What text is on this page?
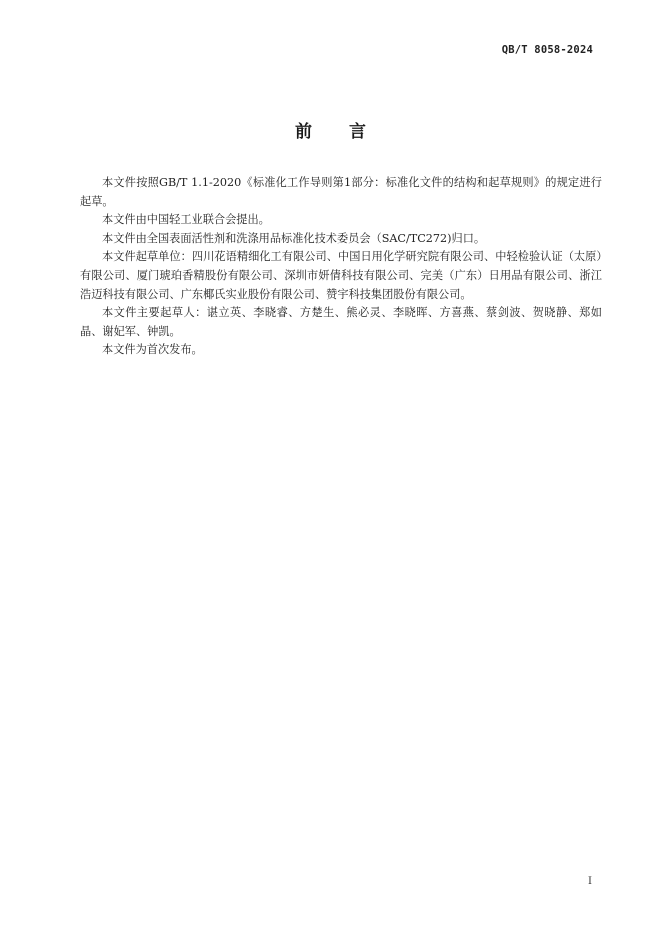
QB/T 8058-2024
前　　言

本文件按照GB/T 1.1-2020《标准化工作导则第1部分：标准化文件的结构和起草规则》的规定进行起草。

本文件由中国轻工业联合会提出。

本文件由全国表面活性剂和洗涤用品标准化技术委员会（SAC/TC272)归口。

本文件起草单位：四川花语精细化工有限公司、中国日用化学研究院有限公司、中轻检验认证（太原）有限公司、厦门琥珀香精股份有限公司、深圳市妍倩科技有限公司、完美（广东）日用品有限公司、浙江浩迈科技有限公司、广东椰氏实业股份有限公司、赞宇科技集团股份有限公司。

本文件主要起草人：谌立英、李晓睿、方楚生、熊必灵、李晓晖、方喜燕、蔡剑波、贺晓静、郑如晶、谢妃军、钟凯。

本文件为首次发布。

I
